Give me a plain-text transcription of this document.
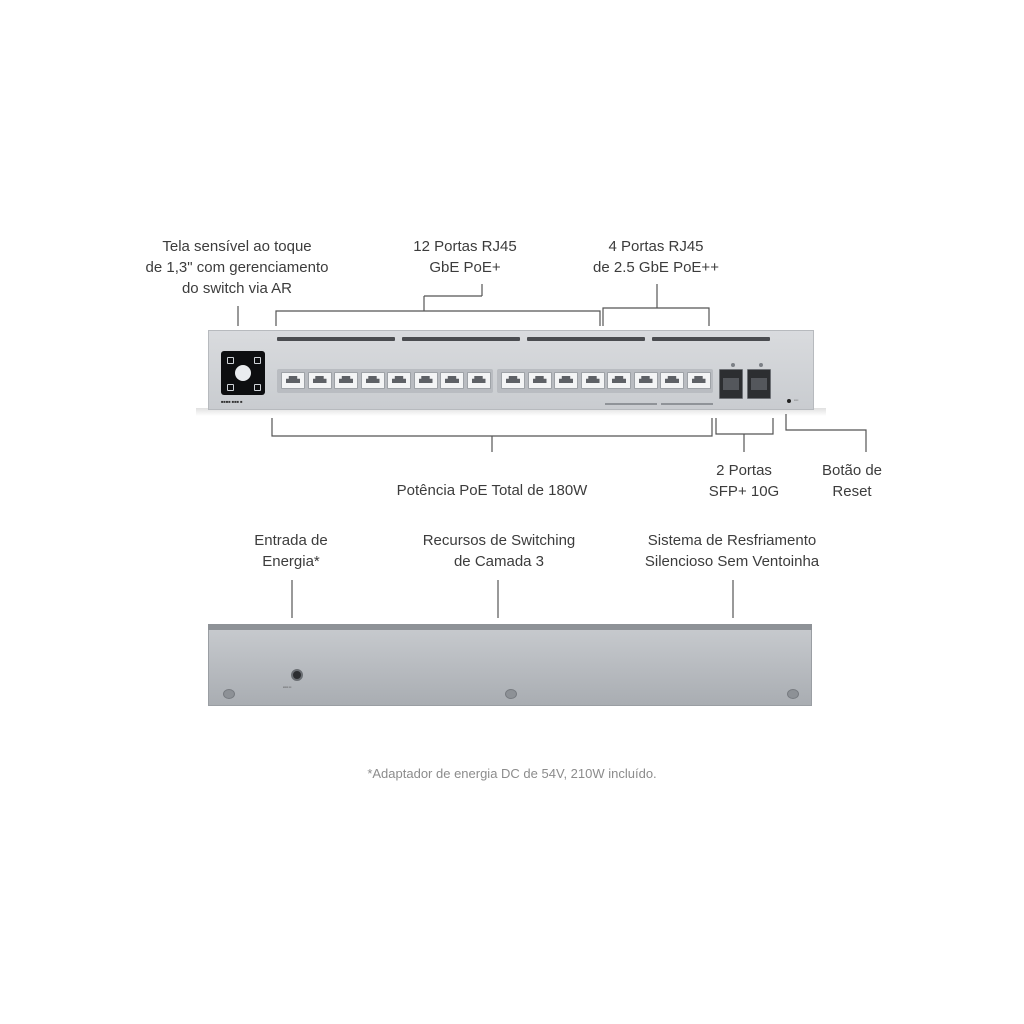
Tela sensível ao toque
de 1,3" com gerenciamento
do switch via AR
12 Portas RJ45
GbE PoE+
4 Portas RJ45
de 2.5 GbE PoE++
Potência PoE Total de 180W
2 Portas
SFP+ 10G
Botão de
Reset
■■■■ ■■■ ■	▪▪▪▪
Entrada de
Energia*
Recursos de Switching
de Camada 3
Sistema de Resfriamento
Silencioso Sem Ventoinha
▪▪▪▪▪ ▪▪
*Adaptador de energia DC de 54V, 210W incluído.
